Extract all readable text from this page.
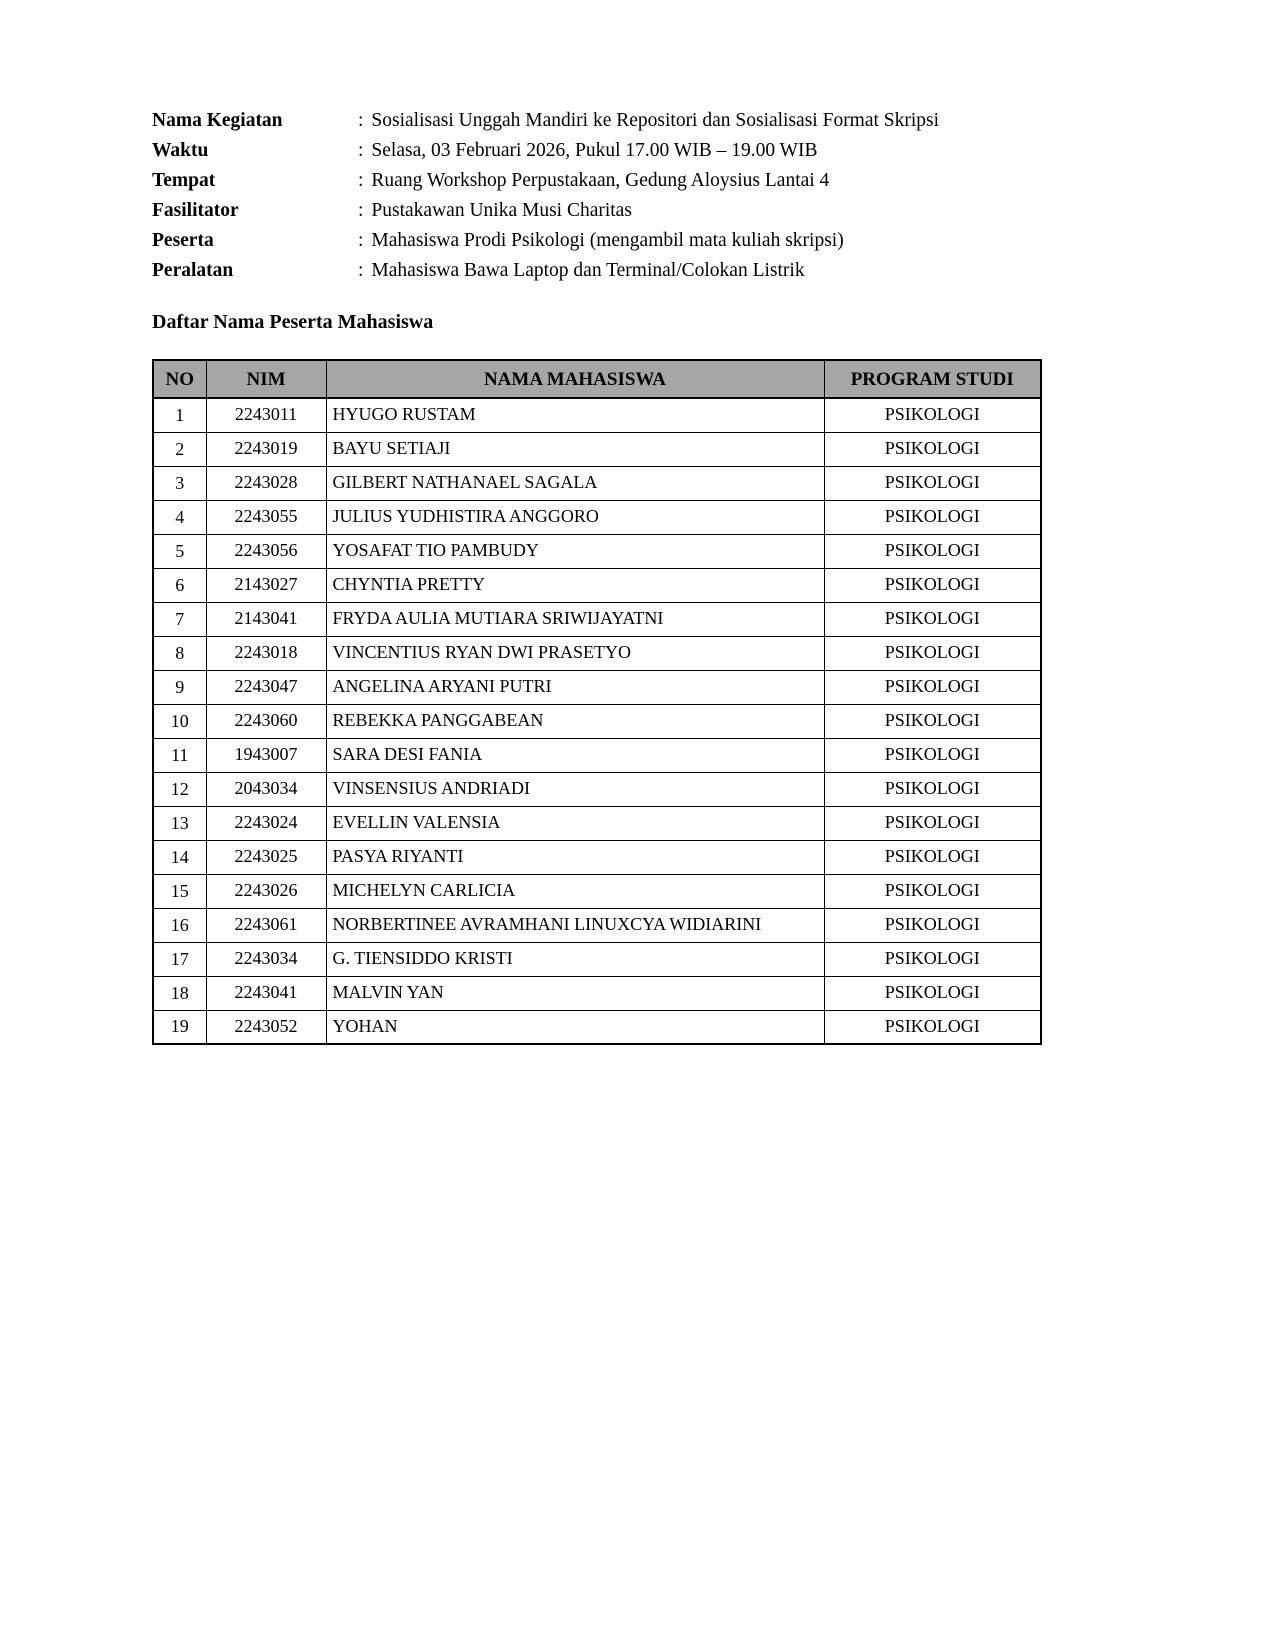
Nama Kegiatan	: Sosialisasi Unggah Mandiri ke Repositori dan Sosialisasi Format Skripsi
Waktu	: Selasa, 03 Februari 2026, Pukul 17.00 WIB – 19.00 WIB
Tempat	: Ruang Workshop Perpustakaan, Gedung Aloysius Lantai 4
Fasilitator	: Pustakawan Unika Musi Charitas
Peserta	: Mahasiswa Prodi Psikologi (mengambil mata kuliah skripsi)
Peralatan	: Mahasiswa Bawa Laptop dan Terminal/Colokan Listrik
Daftar Nama Peserta Mahasiswa
NO	NIM	NAMA MAHASISWA	PROGRAM STUDI
1	2243011	HYUGO RUSTAM	PSIKOLOGI
2	2243019	BAYU SETIAJI	PSIKOLOGI
3	2243028	GILBERT NATHANAEL SAGALA	PSIKOLOGI
4	2243055	JULIUS YUDHISTIRA ANGGORO	PSIKOLOGI
5	2243056	YOSAFAT TIO PAMBUDY	PSIKOLOGI
6	2143027	CHYNTIA PRETTY	PSIKOLOGI
7	2143041	FRYDA AULIA MUTIARA SRIWIJAYATNI	PSIKOLOGI
8	2243018	VINCENTIUS RYAN DWI PRASETYO	PSIKOLOGI
9	2243047	ANGELINA ARYANI PUTRI	PSIKOLOGI
10	2243060	REBEKKA PANGGABEAN	PSIKOLOGI
11	1943007	SARA DESI FANIA	PSIKOLOGI
12	2043034	VINSENSIUS ANDRIADI	PSIKOLOGI
13	2243024	EVELLIN VALENSIA	PSIKOLOGI
14	2243025	PASYA RIYANTI	PSIKOLOGI
15	2243026	MICHELYN CARLICIA	PSIKOLOGI
16	2243061	NORBERTINEE AVRAMHANI LINUXCYA WIDIARINI	PSIKOLOGI
17	2243034	G. TIENSIDDO KRISTI	PSIKOLOGI
18	2243041	MALVIN YAN	PSIKOLOGI
19	2243052	YOHAN	PSIKOLOGI
